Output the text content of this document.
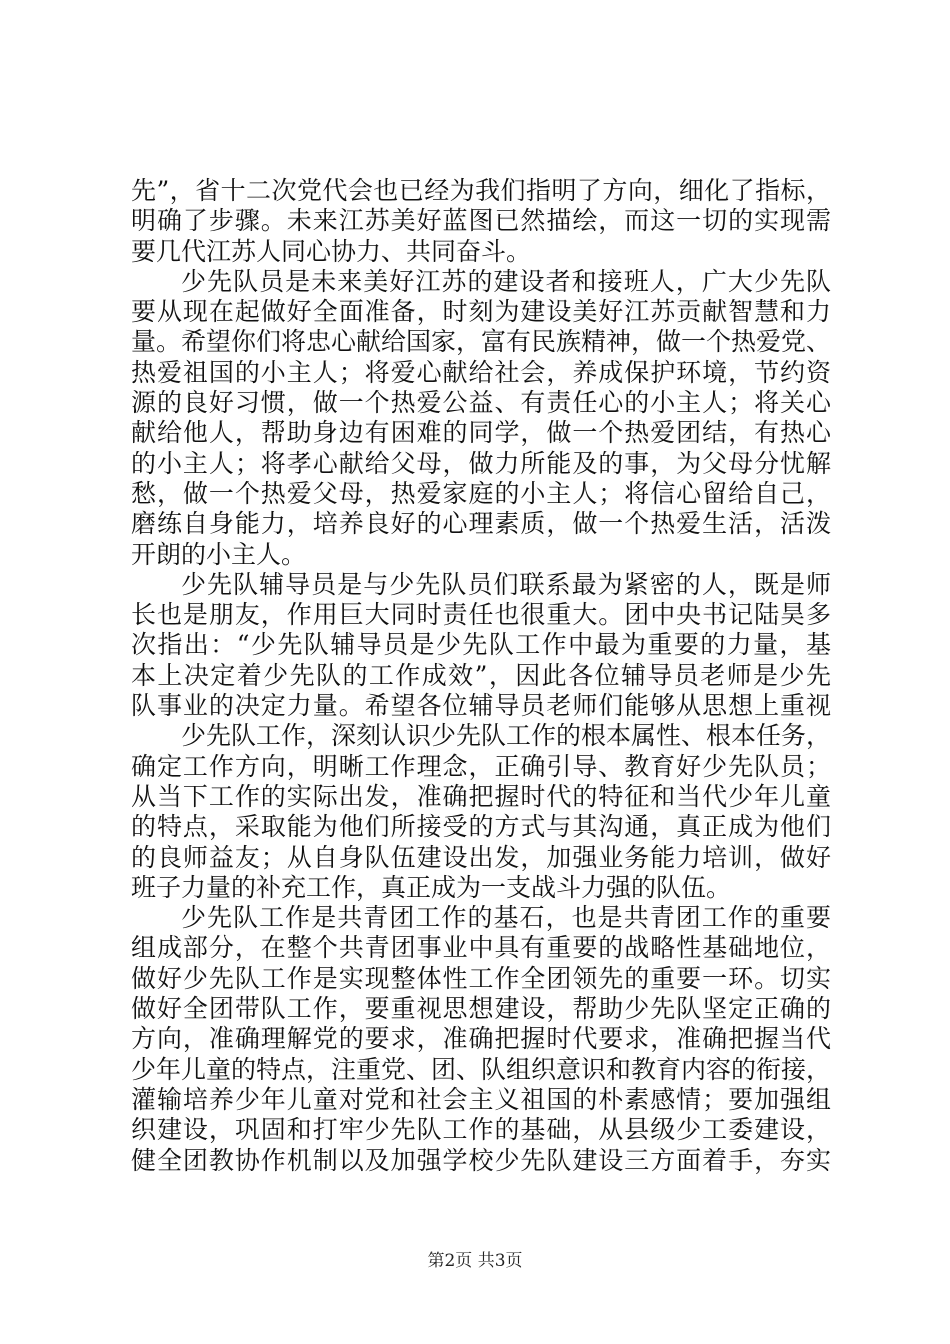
先”，省十二次党代会也已经为我们指明了方向，细化了指标，
明确了步骤。未来江苏美好蓝图已然描绘，而这一切的实现需
要几代江苏人同心协力、共同奋斗。
少先队员是未来美好江苏的建设者和接班人，广大少先队
要从现在起做好全面准备，时刻为建设美好江苏贡献智慧和力
量。希望你们将忠心献给国家，富有民族精神，做一个热爱党、
热爱祖国的小主人；将爱心献给社会，养成保护环境，节约资
源的良好习惯，做一个热爱公益、有责任心的小主人；将关心
献给他人，帮助身边有困难的同学，做一个热爱团结，有热心
的小主人；将孝心献给父母，做力所能及的事，为父母分忧解
愁，做一个热爱父母，热爱家庭的小主人；将信心留给自己，
磨练自身能力，培养良好的心理素质，做一个热爱生活，活泼
开朗的小主人。
少先队辅导员是与少先队员们联系最为紧密的人，既是师
长也是朋友，作用巨大同时责任也很重大。团中央书记陆昊多
次指出：“少先队辅导员是少先队工作中最为重要的力量，基
本上决定着少先队的工作成效”，因此各位辅导员老师是少先
队事业的决定力量。希望各位辅导员老师们能够从思想上重视
少先队工作，深刻认识少先队工作的根本属性、根本任务，
确定工作方向，明晰工作理念，正确引导、教育好少先队员；
从当下工作的实际出发，准确把握时代的特征和当代少年儿童
的特点，采取能为他们所接受的方式与其沟通，真正成为他们
的良师益友；从自身队伍建设出发，加强业务能力培训，做好
班子力量的补充工作，真正成为一支战斗力强的队伍。
少先队工作是共青团工作的基石，也是共青团工作的重要
组成部分，在整个共青团事业中具有重要的战略性基础地位，
做好少先队工作是实现整体性工作全团领先的重要一环。切实
做好全团带队工作，要重视思想建设，帮助少先队坚定正确的
方向，准确理解党的要求，准确把握时代要求，准确把握当代
少年儿童的特点，注重党、团、队组织意识和教育内容的衔接，
灌输培养少年儿童对党和社会主义祖国的朴素感情；要加强组
织建设，巩固和打牢少先队工作的基础，从县级少工委建设，
健全团教协作机制以及加强学校少先队建设三方面着手，夯实
第2页 共3页
